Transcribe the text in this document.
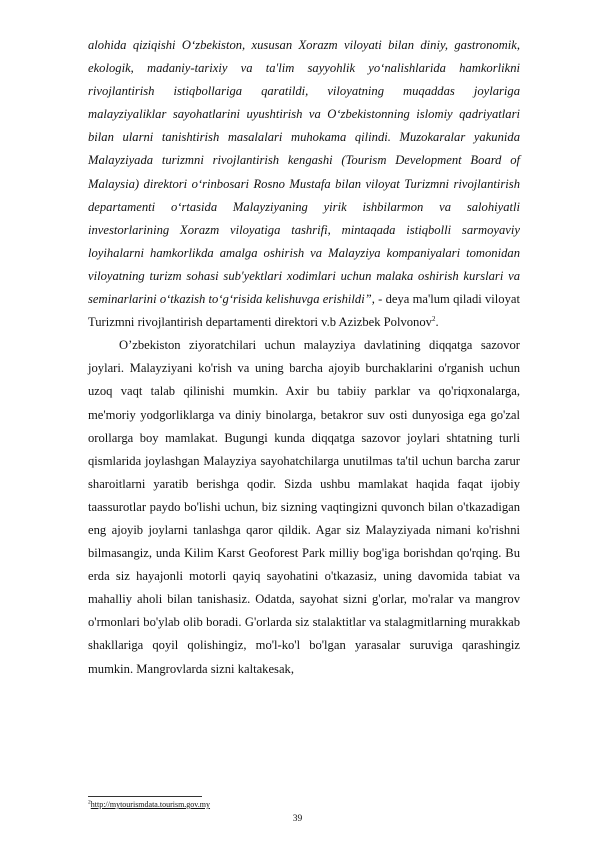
alohida qiziqishi O‘zbekiston, xususan Xorazm viloyati bilan diniy, gastronomik, ekologik, madaniy-tarixiy va ta'lim sayyohlik yo‘nalishlarida hamkorlikni rivojlantirish istiqbollariga qaratildi, viloyatning muqaddas joylariga malayziyaliklar sayohatlarini uyushtirish va O‘zbekistonning islomiy qadriyatlari bilan ularni tanishtirish masalalari muhokama qilindi. Muzokaralar yakunida Malayziyada turizmni rivojlantirish kengashi (Tourism Development Board of Malaysia) direktori o‘rinbosari Rosno Mustafa bilan viloyat Turizmni rivojlantirish departamenti o‘rtasida Malayziyaning yirik ishbilarmon va salohiyatli investorlarining Xorazm viloyatiga tashrifi, mintaqada istiqbolli sarmoyaviy loyihalarni hamkorlikda amalga oshirish va Malayziya kompaniyalari tomonidan viloyatning turizm sohasi sub'yektlari xodimlari uchun malaka oshirish kurslari va seminarlarini o‘tkazish to‘g‘risida kelishuvga erishildi”, - deya ma'lum qiladi viloyat Turizmni rivojlantirish departamenti direktori v.b Azizbek Polvonov$^2$.

O’zbekiston ziyoratchilari uchun malayziya davlatining diqqatga sazovor joylari. Malayziyani ko'rish va uning barcha ajoyib burchaklarini o'rganish uchun uzoq vaqt talab qilinishi mumkin. Axir bu tabiiy parklar va qo'riqxonalarga, me'moriy yodgorliklarga va diniy binolarga, betakror suv osti dunyosiga ega go'zal orollarga boy mamlakat. Bugungi kunda diqqatga sazovor joylari shtatning turli qismlarida joylashgan Malayziya sayohatchilarga unutilmas ta'til uchun barcha zarur sharoitlarni yaratib berishga qodir. Sizda ushbu mamlakat haqida faqat ijobiy taassurotlar paydo bo'lishi uchun, biz sizning vaqtingizni quvonch bilan o'tkazadigan eng ajoyib joylarni tanlashga qaror qildik. Agar siz Malayziyada nimani ko'rishni bilmasangiz, unda Kilim Karst Geoforest Park milliy bog'iga borishdan qo'rqing. Bu erda siz hayajonli motorli qayiq sayohatini o'tkazasiz, uning davomida tabiat va mahalliy aholi bilan tanishasiz. Odatda, sayohat sizni g'orlar, mo'ralar va mangrov o'rmonlari bo'ylab olib boradi. G'orlarda siz stalaktitlar va stalagmitlarning murakkab shakllariga qoyil qolishingiz, mo'l-ko'l bo'lgan yarasalar suruviga qarashingiz mumkin. Mangrovlarda sizni kaltakesak,

$^2$http://mytourismdata.tourism.gov.my
39
